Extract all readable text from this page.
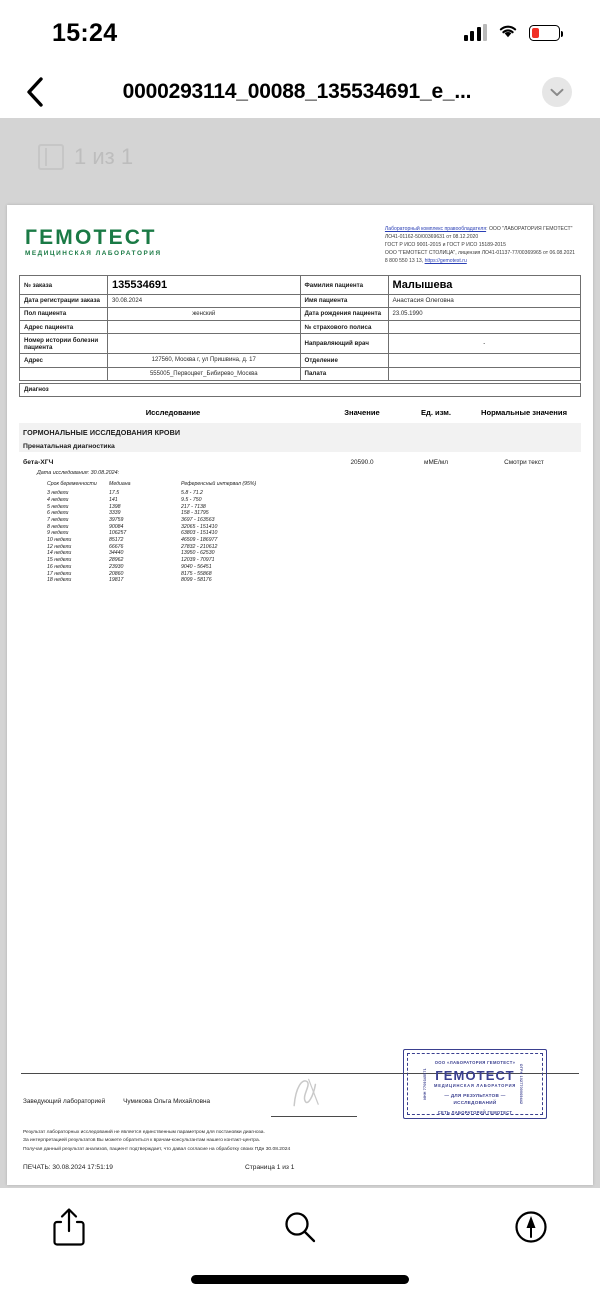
15:24
0000293114_00088_135534691_e_...
1 из 1
ГЕМОТЕСТ
МЕДИЦИНСКАЯ ЛАБОРАТОРИЯ
Лабораторный комплекс правообладателя: ООО "ЛАБОРАТОРИЯ ГЕМОТЕСТ"
ЛО41-01162-50/00369631 от 08.12.2020
ГОСТ Р ИСО 9001-2015 и ГОСТ Р ИСО 15189-2015
ООО "ГЕМОТЕСТ СТОЛИЦА", лицензия ЛО41-01137-77/00369965 от 06.08.2021
8 800 550 13 13, https://gemotest.ru
№ заказа	135534691	Фамилия пациента	Малышева
Дата регистрации заказа	30.08.2024	Имя пациента	Анастасия Олеговна
Пол пациента	женский	Дата рождения пациента	23.05.1990
Адрес пациента		№ страхового полиса	
Номер истории болезни пациента		Направляющий врач	-
Адрес	127560, Москва г, ул Пришвина, д. 17	Отделение	
	555005_Первоцвет_Бибирево_Москва	Палата	

Диагноз			
Исследование	Значение	Ед. изм.	Нормальные значения
ГОРМОНАЛЬНЫЕ ИССЛЕДОВАНИЯ КРОВИ
Пренатальная диагностика
бета-ХГЧ	20590.0	мМЕ/мл	Смотри текст
Дата исследования: 30.08.2024:
Срок беременности	Медиана	Референсный интервал (95%)
3 недели	17.5	5.8 - 71.2
4 недели	141	9.5 - 750
5 недели	1398	217 - 7138
6 недели	3339	158 - 31795
7 недели	39759	3697 - 163563
8 недели	90084	32065 - 151410
9 недели	106257	63803 - 151410
10 недели	85172	46509 - 186977
12 недели	66676	27832 - 210612
14 недели	34440	13950 - 62530
15 недели	28962	12039 - 70971
16 недели	23930	9040 - 56451
17 недели	20860	8175 - 55868
18 недели	19817	8099 - 58176
Заведующий лабораторией	Чумикова Ольга Михайловна
Результат лабораторных исследований не является единственным параметром для постановки диагноза.
За интерпретацией результатов Вы можете обратиться к врачам-консультантам нашего контакт-центра.
Получая данный результат анализов, пациент подтверждает, что давал согласие на обработку своих ПДн 30.08.2024
ПЕЧАТЬ: 30.08.2024 17:51:19	Страница 1 из 1
ИНН 7709345571	ОГРН 1027700069442
ООО «ЛАБОРАТОРИЯ ГЕМОТЕСТ»
ГЕМОТЕСТ
МЕДИЦИНСКАЯ ЛАБОРАТОРИЯ
— ДЛЯ РЕЗУЛЬТАТОВ —
ИССЛЕДОВАНИЙ
СЕТЬ ЛАБОРАТОРИЙ ГЕМОТЕСТ
